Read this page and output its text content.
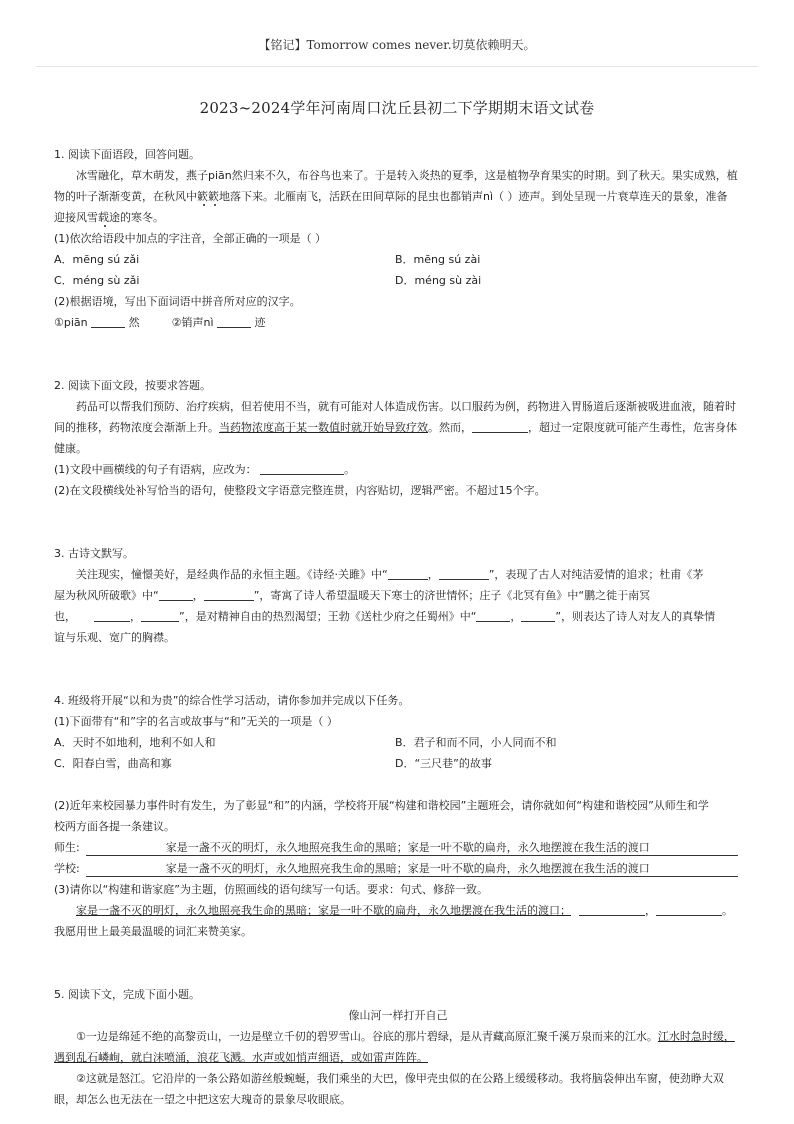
【铭记】Tomorrow comes never.切莫依赖明天。
2023~2024学年河南周口沈丘县初二下学期期末语文试卷
1. 阅读下面语段，回答问题。
冰雪融化，草木萌发，燕子piān然归来不久，布谷鸟也来了。于是转入炎热的夏季，这是植物孕育果实的时期。到了秋天。果实成熟，植
物的叶子渐渐变黄，在秋风中簌簌地落下来。北雁南飞，活跃在田间草际的昆虫也都销声nì（ ）迹声。到处呈现一片衰草连天的景象，准备
迎接风雪载途的寒冬。
(1)依次给语段中加点的字注音，全部正确的一项是（ ）
A．mēng sú zǎi	B．mēng sú zài
C．méng sù zǎi	D．méng sù zài
(2)根据语境，写出下面词语中拼音所对应的汉字。
①piān	然	②销声nì	迹
2. 阅读下面文段，按要求答题。
药品可以帮我们预防、治疗疾病，但若使用不当，就有可能对人体造成伤害。以口服药为例，药物进入胃肠道后逐渐被吸进血液，随着时
间的推移，药物浓度会渐渐上升。当药物浓度高于某一数值时就开始导致疗效。然而，	，超过一定限度就可能产生毒性，危害身体
健康。
(1)文段中画横线的句子有语病，应改为：	。
(2)在文段横线处补写恰当的语句，使整段文字语意完整连贯，内容贴切，逻辑严密。不超过15个字。
3. 古诗文默写。
关注现实，憧憬美好，是经典作品的永恒主题。《诗经·关雎》中“	，	”，表现了古人对纯洁爱情的追求；杜甫《茅
屋为秋风所破歌》中“	，	”，寄寓了诗人希望温暖天下寒士的济世情怀；庄子《北冥有鱼》中“鹏之徙于南冥
也，	，	”，是对精神自由的热烈渴望；王勃《送杜少府之任蜀州》中“	，	”，则表达了诗人对友人的真挚情
谊与乐观、宽广的胸襟。
4. 班级将开展“以和为贵”的综合性学习活动，请你参加并完成以下任务。
(1)下面带有“和”字的名言或故事与“和”无关的一项是（ ）
A．天时不如地利，地利不如人和	B．君子和而不同，小人同而不和
C．阳春白雪，曲高和寡	D．“三尺巷”的故事
(2)近年来校园暴力事件时有发生，为了彰显“和”的内涵，学校将开展“构建和谐校园”主题班会，请你就如何“构建和谐校园”从师生和学
校两方面各提一条建议。
师生:	家是一盏不灭的明灯，永久地照亮我生命的黑暗；家是一叶不歇的扁舟，永久地摆渡在我生活的渡口
学校:	家是一盏不灭的明灯，永久地照亮我生命的黑暗；家是一叶不歇的扁舟，永久地摆渡在我生活的渡口
(3)请你以“构建和谐家庭”为主题，仿照画线的语句续写一句话。要求：句式、修辞一致。
家是一盏不灭的明灯，永久地照亮我生命的黑暗；家是一叶不歇的扁舟，永久地摆渡在我生活的渡口；	，	。
我愿用世上最美最温暖的词汇来赞美家。
5. 阅读下文，完成下面小题。
像山河一样打开自己
①一边是绵延不绝的高黎贡山，一边是壁立千仞的碧罗雪山。谷底的那片碧绿，是从青藏高原汇聚千溪万泉而来的江水。江水时急时缓，
遇到乱石嶙峋，就白沫喷涌，浪花飞溅。水声或如悄声细语，或如雷声阵阵。
②这就是怒江。它沿岸的一条公路如游丝般蜿蜒，我们乘坐的大巴，像甲壳虫似的在公路上缓缓移动。我将脑袋伸出车窗，使劲睁大双
眼，却怎么也无法在一望之中把这宏大瑰奇的景象尽收眼底。
